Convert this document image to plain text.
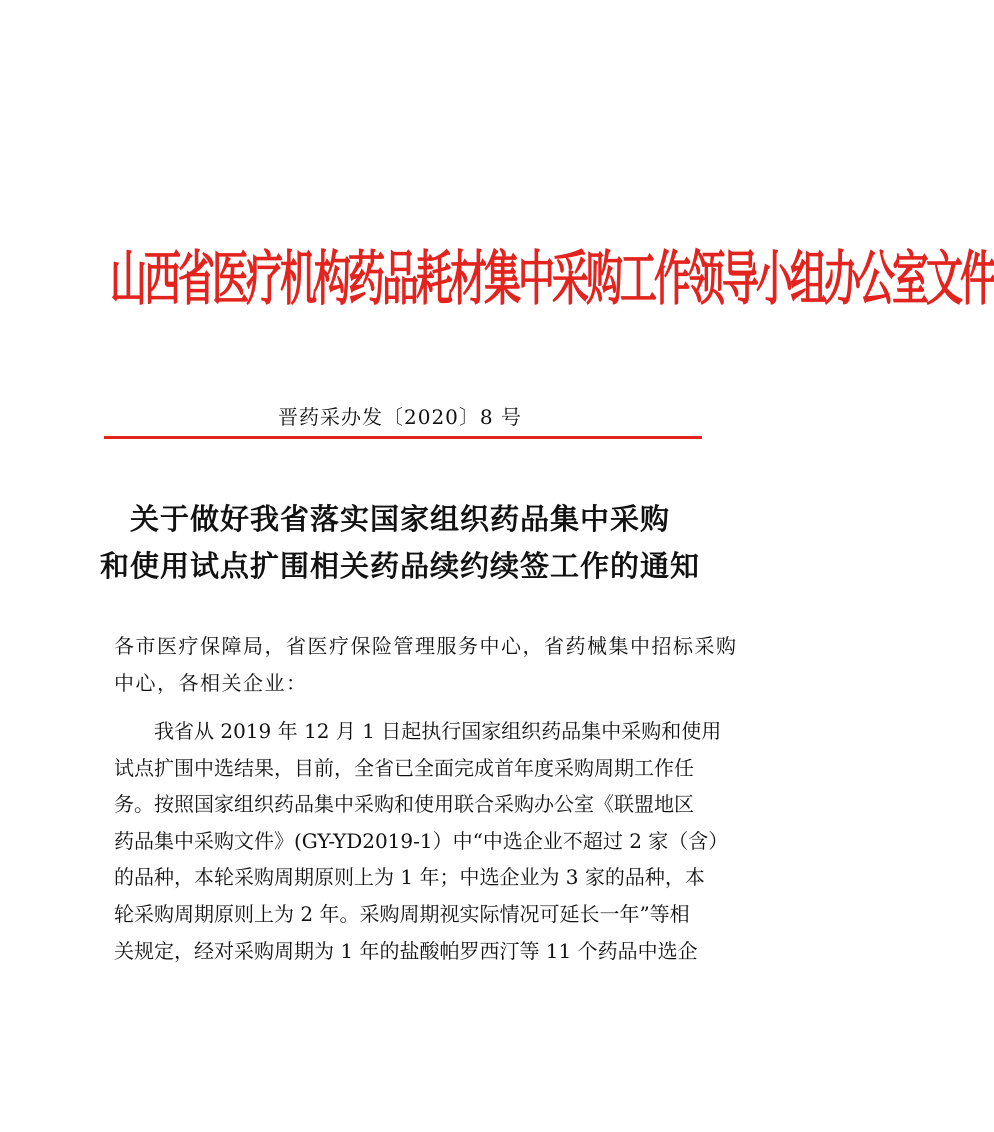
山西省医疗机构药品耗材集中采购工作领导小组办公室文件
晋药采办发〔2020〕8 号
关于做好我省落实国家组织药品集中采购
和使用试点扩围相关药品续约续签工作的通知

各市医疗保障局，省医疗保险管理服务中心，省药械集中招标采购
中心，各相关企业：

我省从 2019 年 12 月 1 日起执行国家组织药品集中采购和使用
试点扩围中选结果，目前，全省已全面完成首年度采购周期工作任
务。按照国家组织药品集中采购和使用联合采购办公室《联盟地区
药品集中采购文件》(GY-YD2019-1）中“中选企业不超过 2 家（含）
的品种，本轮采购周期原则上为 1 年；中选企业为 3 家的品种，本
轮采购周期原则上为 2 年。采购周期视实际情况可延长一年”等相
关规定，经对采购周期为 1 年的盐酸帕罗西汀等 11 个药品中选企
